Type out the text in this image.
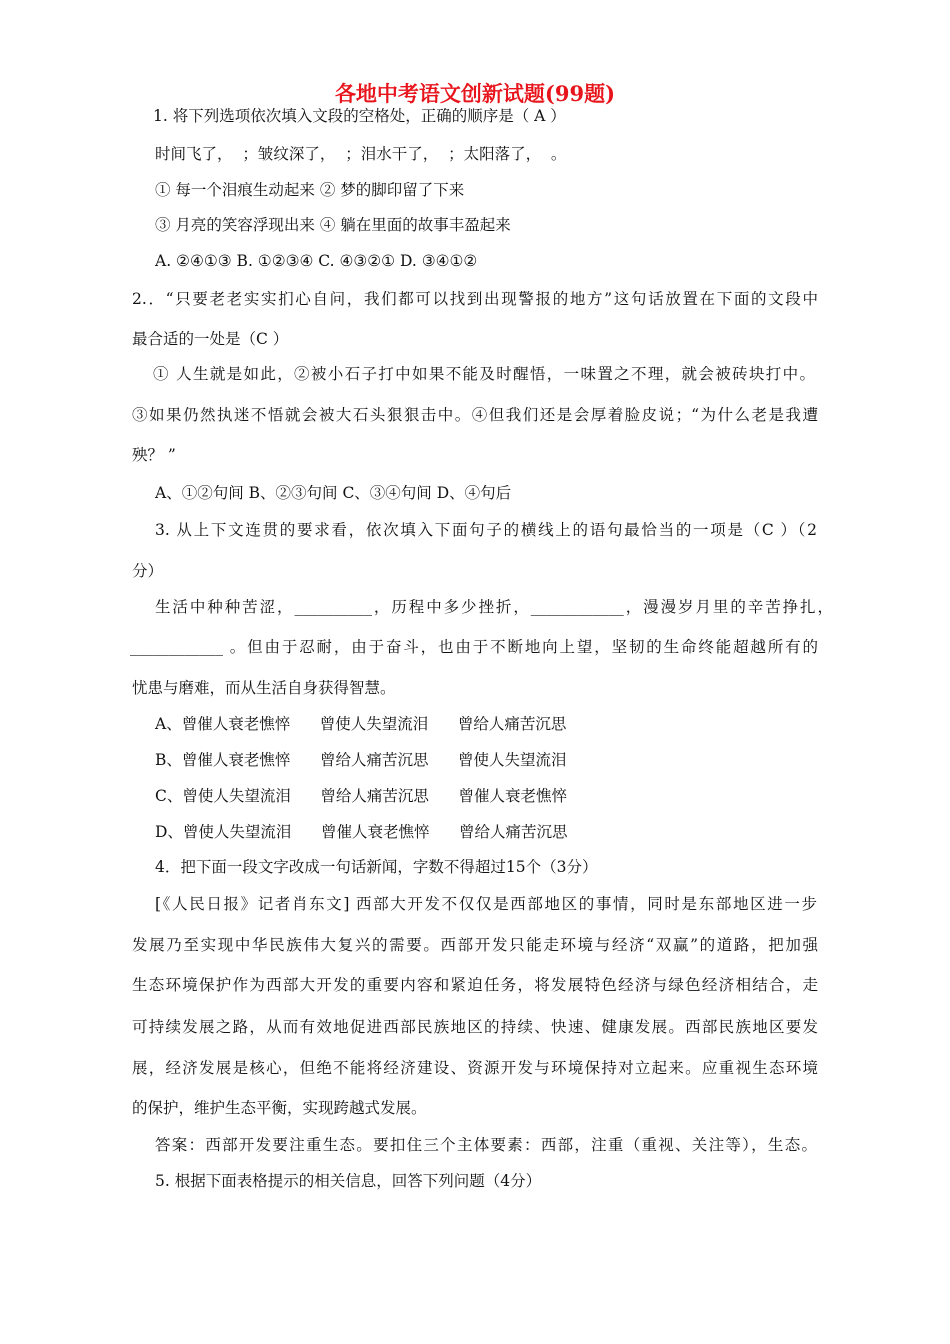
各地中考语文创新试题(99题)
1. 将下列选项依次填入文段的空格处，正确的顺序是（ A ）
时间飞了，  ；皱纹深了，  ；泪水干了，  ；太阳落了，  。
① 每一个泪痕生动起来 ② 梦的脚印留了下来
③ 月亮的笑容浮现出来 ④ 躺在里面的故事丰盈起来
A. ②④①③ B. ①②③④ C. ④③②① D. ③④①②
2.．“只要老老实实扪心自问，我们都可以找到出现警报的地方”这句话放置在下面的文段中
最合适的一处是（C ）
① 人生就是如此，②被小石子打中如果不能及时醒悟，一味置之不理，就会被砖块打中。
③如果仍然执迷不悟就会被大石头狠狠击中。④但我们还是会厚着脸皮说；“为什么老是我遭
殃？ ”
A、①②句间 B、②③句间 C、③④句间 D、④句后
3. 从上下文连贯的要求看，依次填入下面句子的横线上的语句最恰当的一项是（C ）（2
分）
生活中种种苦涩，__________，历程中多少挫折，____________，漫漫岁月里的辛苦挣扎，
____________ 。但由于忍耐，由于奋斗，也由于不断地向上望，坚韧的生命终能超越所有的
忧患与磨难，而从生活自身获得智慧。
A、曾催人衰老憔悴      曾使人失望流泪      曾给人痛苦沉思
B、曾催人衰老憔悴      曾给人痛苦沉思      曾使人失望流泪
C、曾使人失望流泪      曾给人痛苦沉思      曾催人衰老憔悴
D、曾使人失望流泪      曾催人衰老憔悴      曾给人痛苦沉思
4．把下面一段文字改成一句话新闻，字数不得超过15个（3分）
[《人民日报》记者肖东文] 西部大开发不仅仅是西部地区的事情，同时是东部地区进一步
发展乃至实现中华民族伟大复兴的需要。西部开发只能走环境与经济“双赢”的道路，把加强
生态环境保护作为西部大开发的重要内容和紧迫任务，将发展特色经济与绿色经济相结合，走
可持续发展之路，从而有效地促进西部民族地区的持续、快速、健康发展。西部民族地区要发
展，经济发展是核心，但绝不能将经济建设、资源开发与环境保持对立起来。应重视生态环境
的保护，维护生态平衡，实现跨越式发展。
答案：西部开发要注重生态。要扣住三个主体要素：西部，注重（重视、关注等），生态。
5. 根据下面表格提示的相关信息，回答下列问题（4分）
